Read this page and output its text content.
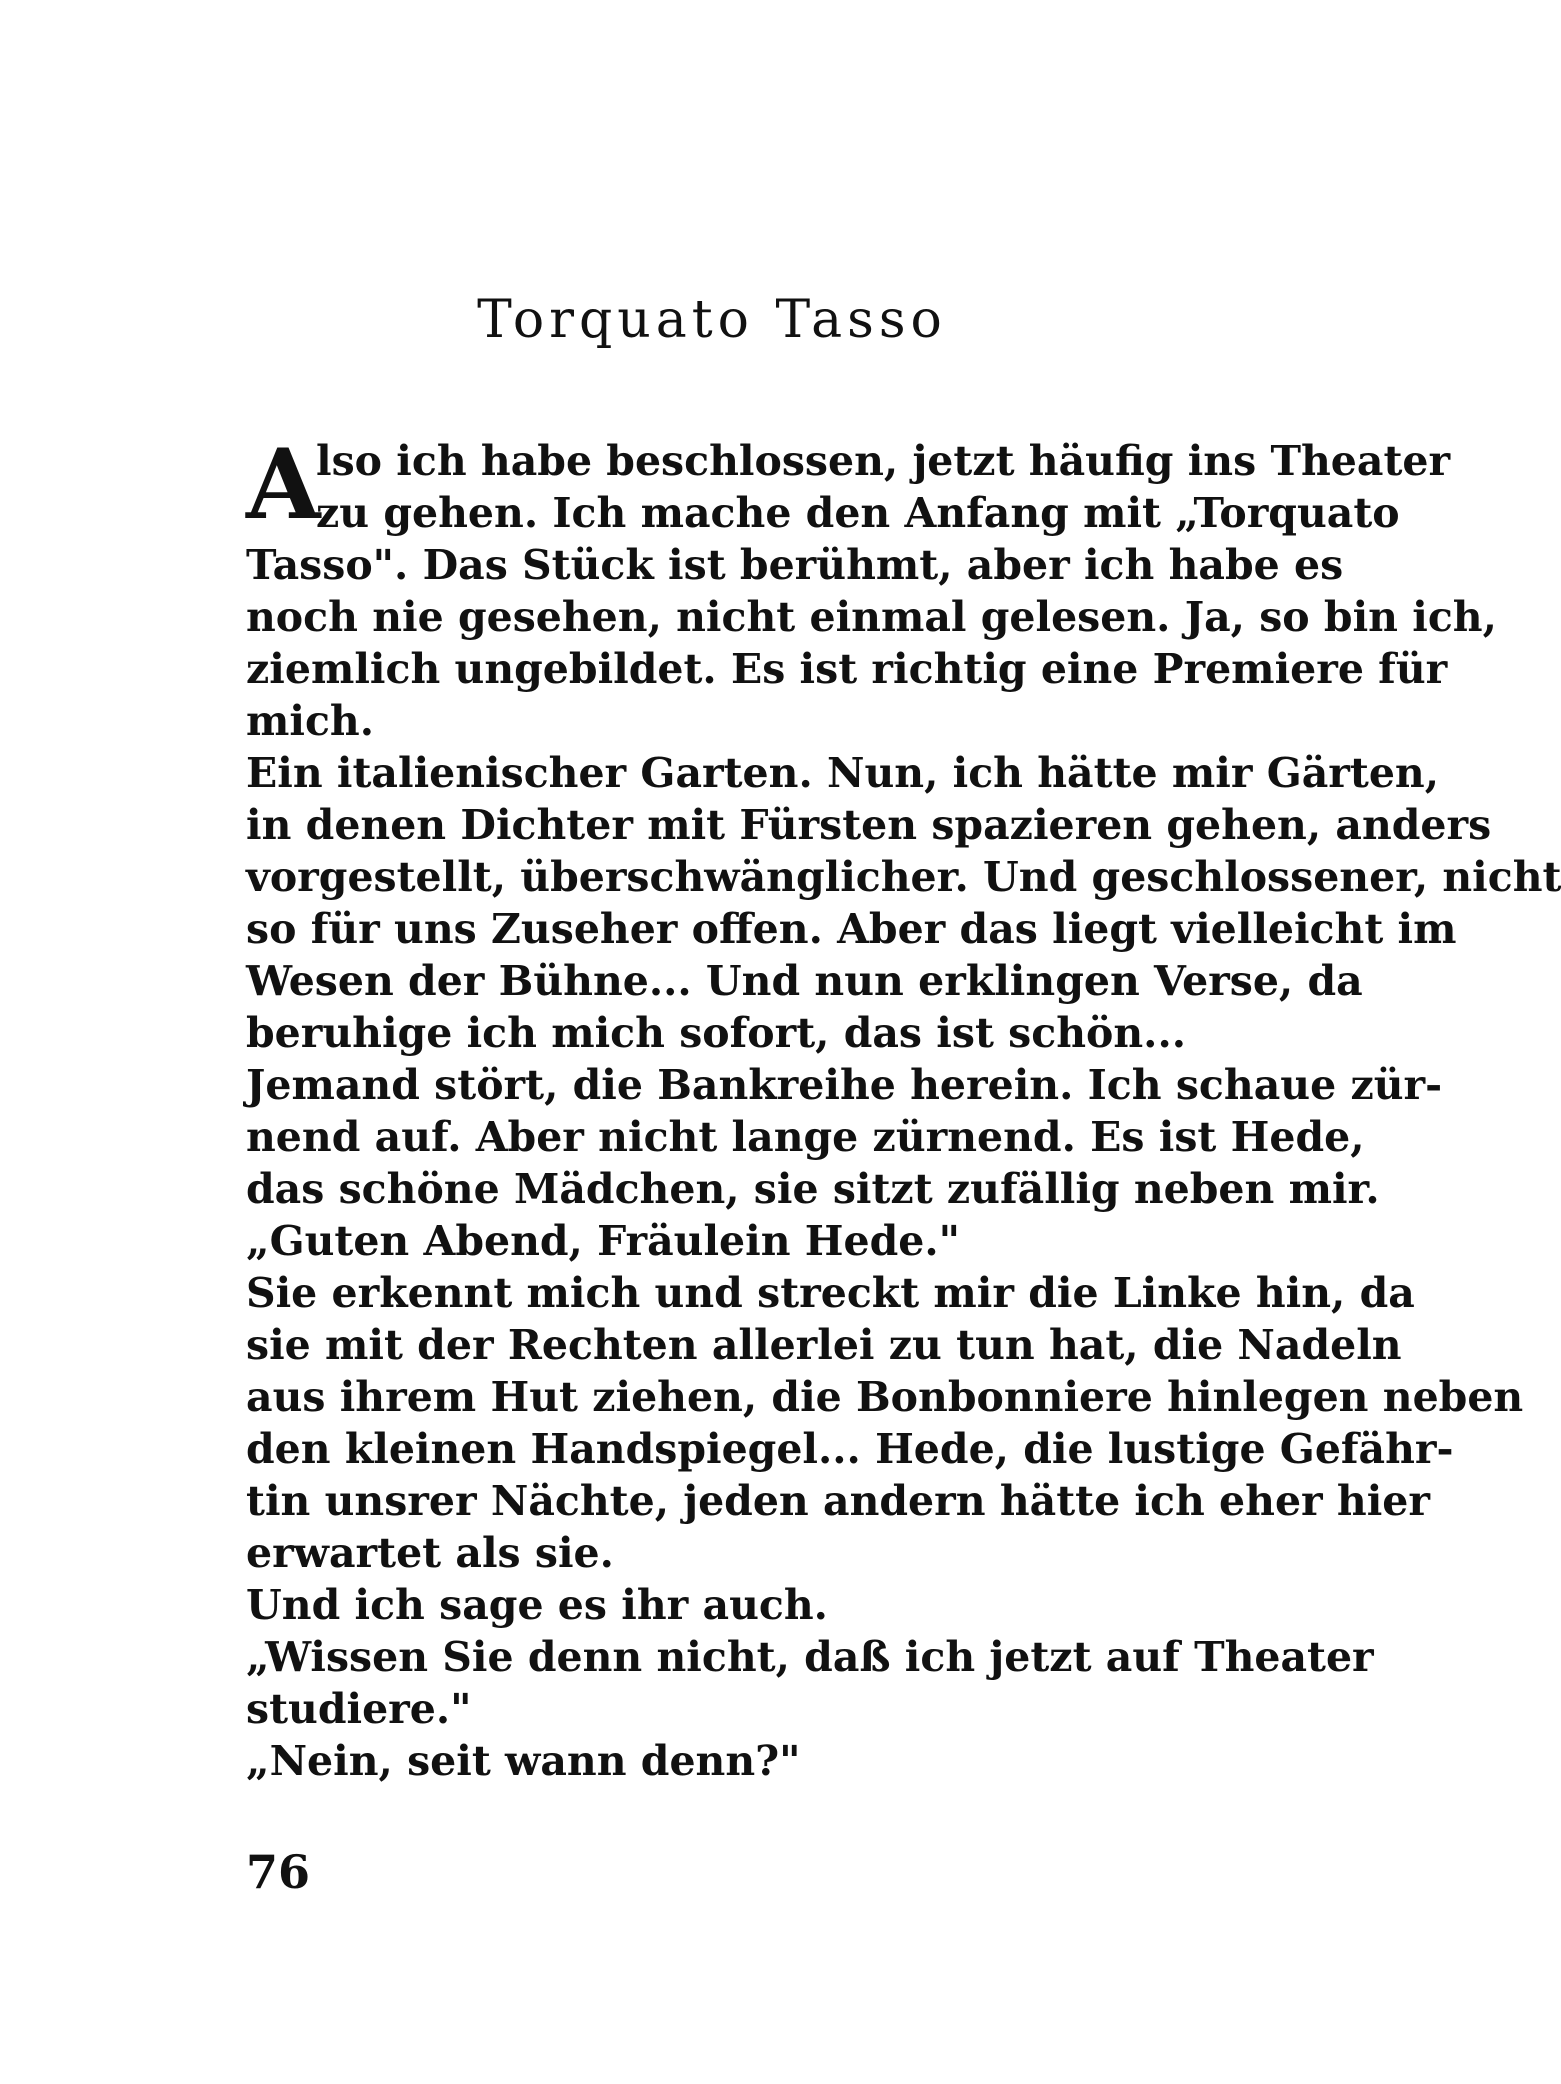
Torquato Tasso
A
lso ich habe beschlossen, jetzt häufig ins Theater
zu gehen. Ich mache den Anfang mit „Torquato
Tasso". Das Stück ist berühmt, aber ich habe es
noch nie gesehen, nicht einmal gelesen. Ja, so bin ich,
ziemlich ungebildet. Es ist richtig eine Premiere für
mich.
Ein italienischer Garten. Nun, ich hätte mir Gärten,
in denen Dichter mit Fürsten spazieren gehen, anders
vorgestellt, überschwänglicher. Und geschlossener, nicht
so für uns Zuseher offen. Aber das liegt vielleicht im
Wesen der Bühne... Und nun erklingen Verse, da
beruhige ich mich sofort, das ist schön...
Jemand stört, die Bankreihe herein. Ich schaue zür-
nend auf. Aber nicht lange zürnend. Es ist Hede,
das schöne Mädchen, sie sitzt zufällig neben mir.
„Guten Abend, Fräulein Hede."
Sie erkennt mich und streckt mir die Linke hin, da
sie mit der Rechten allerlei zu tun hat, die Nadeln
aus ihrem Hut ziehen, die Bonbonniere hinlegen neben
den kleinen Handspiegel... Hede, die lustige Gefähr-
tin unsrer Nächte, jeden andern hätte ich eher hier
erwartet als sie.
Und ich sage es ihr auch.
„Wissen Sie denn nicht, daß ich jetzt auf Theater
studiere."
„Nein, seit wann denn?"
76
